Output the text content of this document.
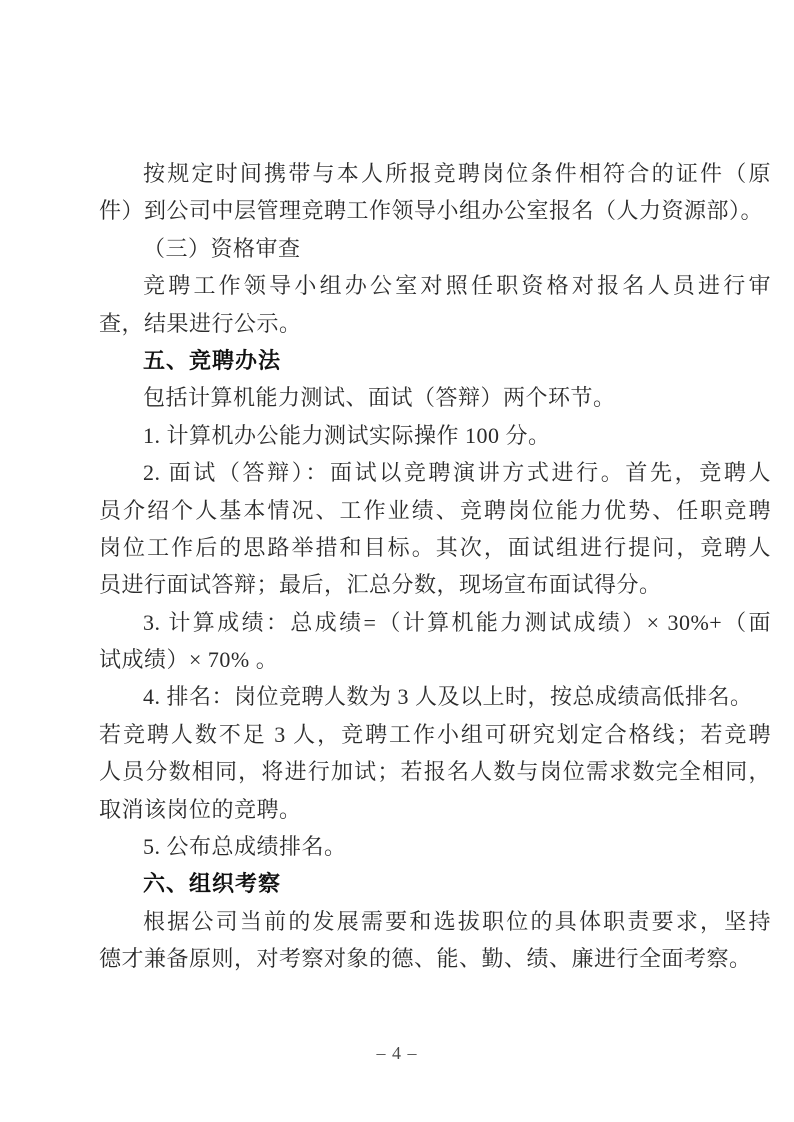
按规定时间携带与本人所报竞聘岗位条件相符合的证件（原
件）到公司中层管理竞聘工作领导小组办公室报名（人力资源部）。
（三）资格审查
竞聘工作领导小组办公室对照任职资格对报名人员进行审
查，结果进行公示。
五、竞聘办法
包括计算机能力测试、面试（答辩）两个环节。
1. 计算机办公能力测试实际操作 100 分。
2. 面试（答辩）：面试以竞聘演讲方式进行。首先，竞聘人
员介绍个人基本情况、工作业绩、竞聘岗位能力优势、任职竞聘
岗位工作后的思路举措和目标。其次，面试组进行提问，竞聘人
员进行面试答辩；最后，汇总分数，现场宣布面试得分。
3. 计算成绩：总成绩=（计算机能力测试成绩）× 30%+（面
试成绩）× 70% 。
4. 排名：岗位竞聘人数为 3 人及以上时，按总成绩高低排名。
若竞聘人数不足 3 人，竞聘工作小组可研究划定合格线；若竞聘
人员分数相同，将进行加试；若报名人数与岗位需求数完全相同，
取消该岗位的竞聘。
5. 公布总成绩排名。
六、组织考察
根据公司当前的发展需要和选拔职位的具体职责要求，坚持
德才兼备原则，对考察对象的德、能、勤、绩、廉进行全面考察。
– 4 –
